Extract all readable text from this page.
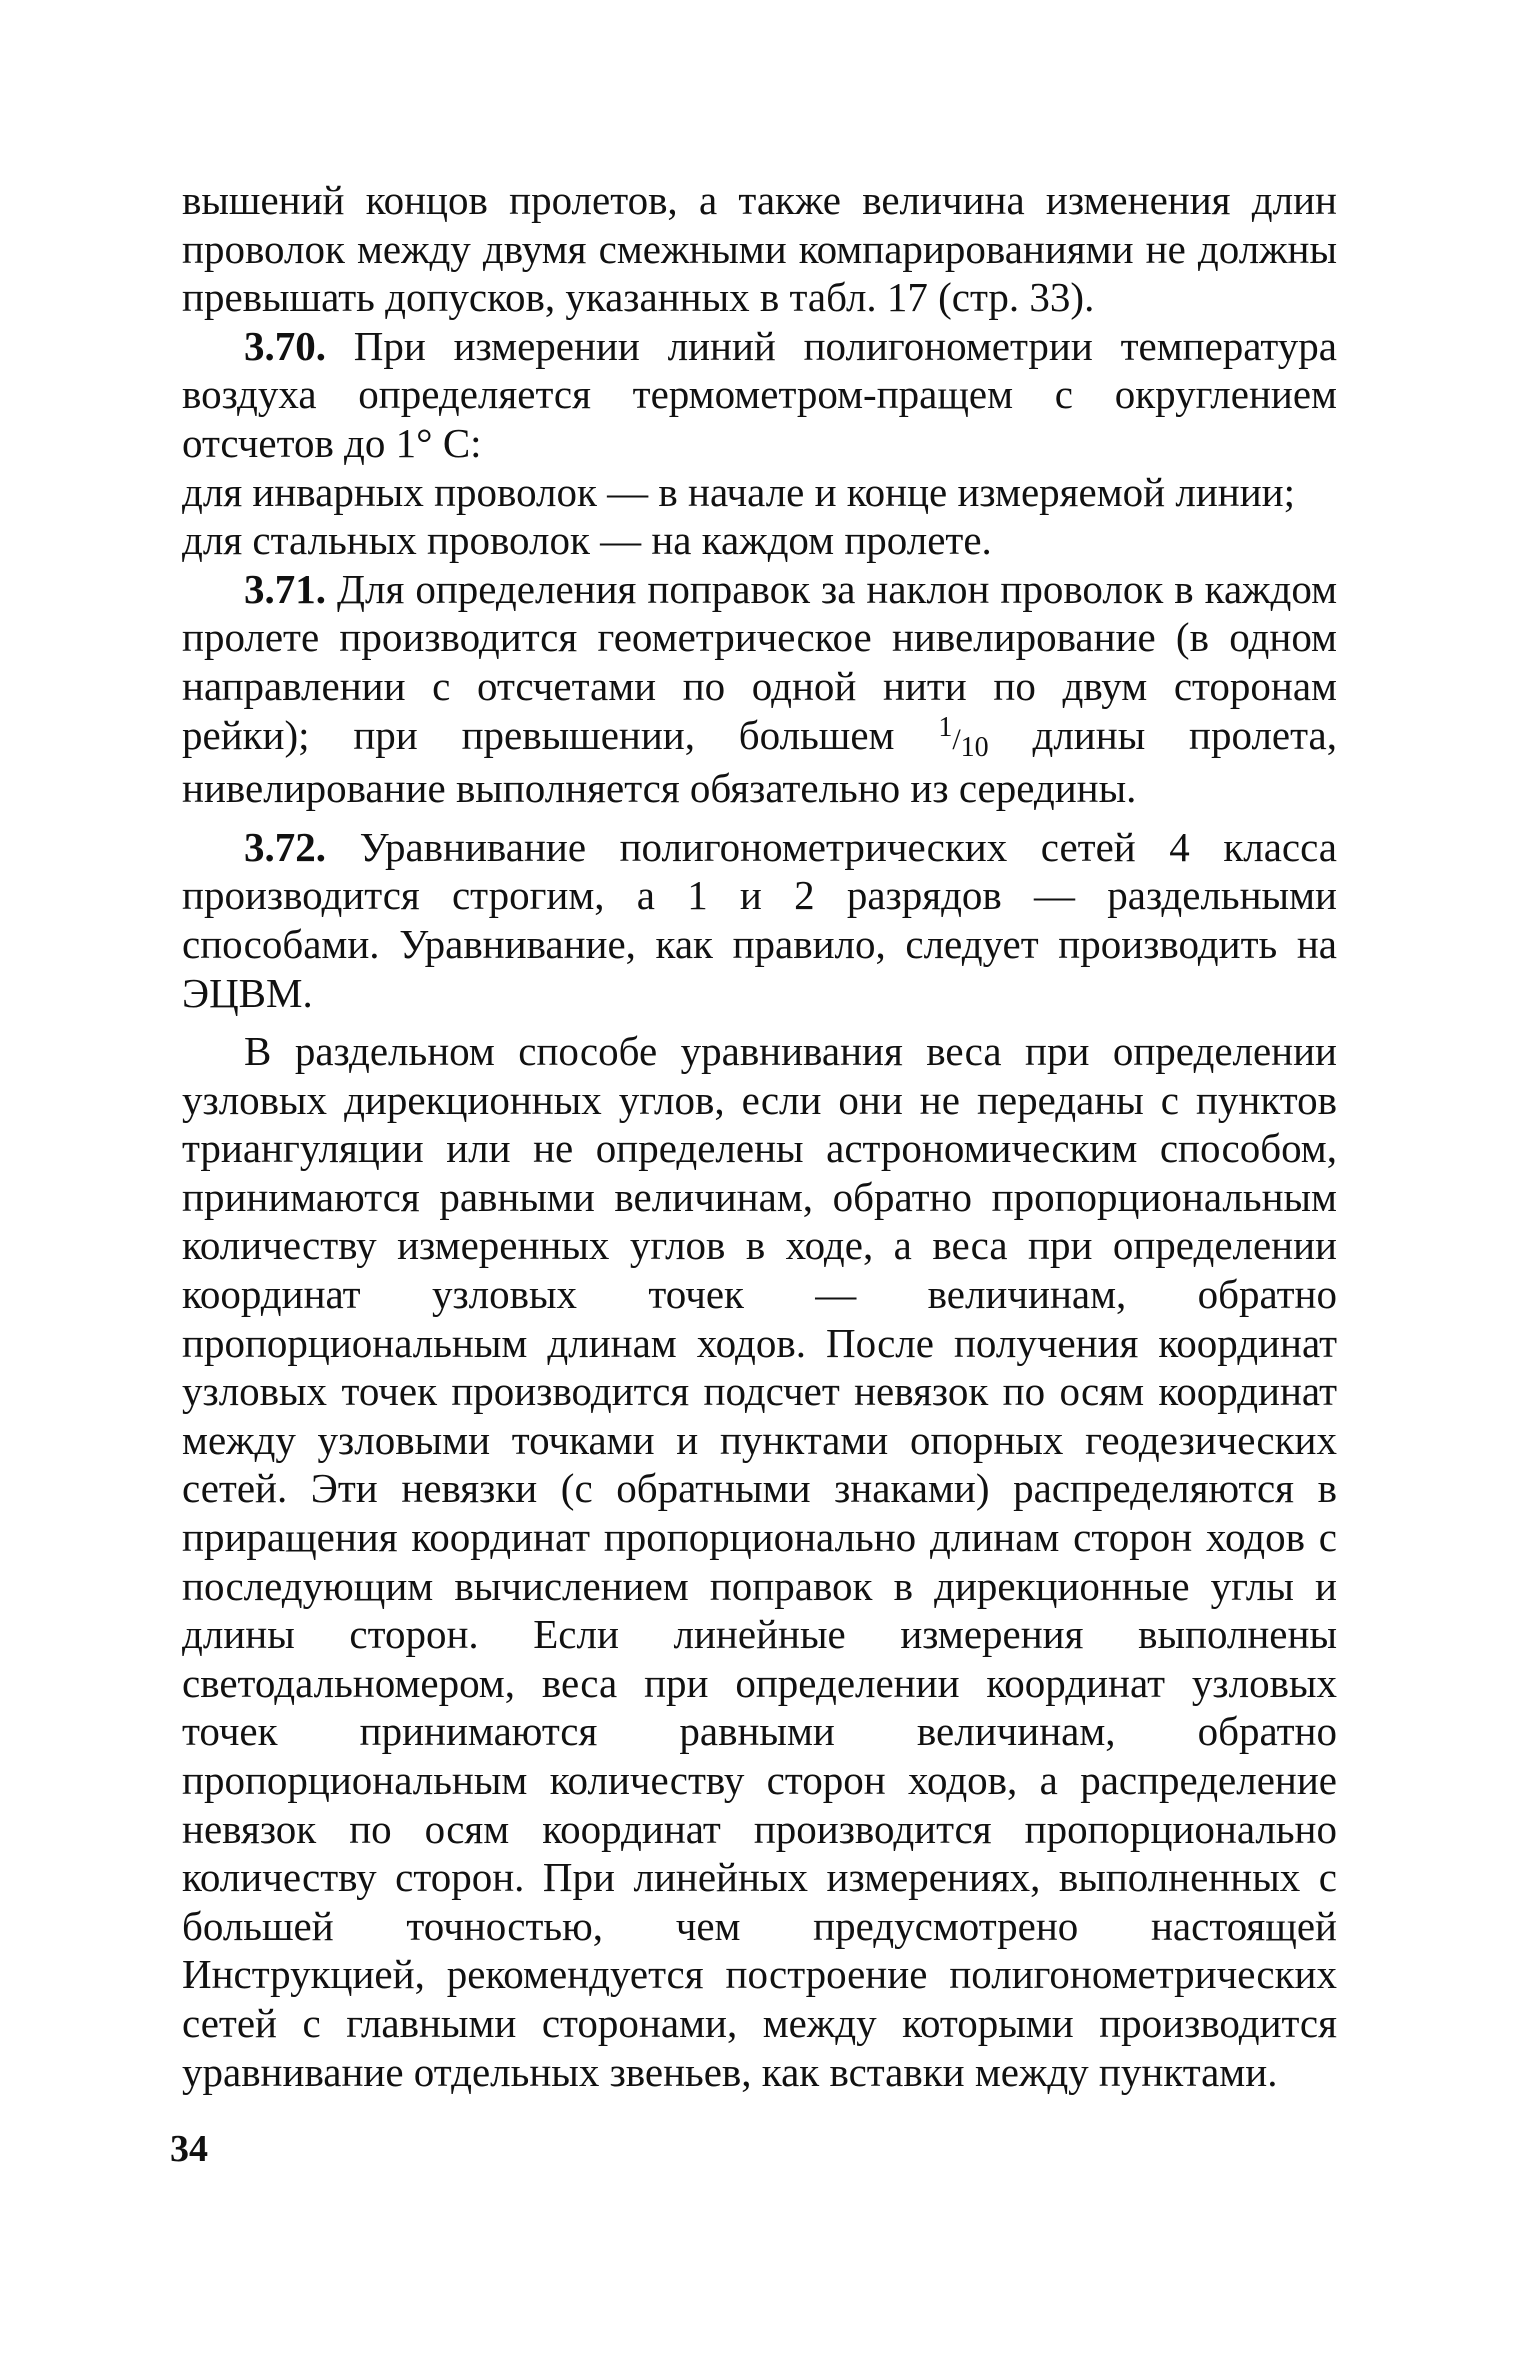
вышений концов пролетов, а также величина изменения длин проволок между двумя смежными компарированиями не должны превышать допусков, указанных в табл. 17 (стр. 33).

3.70. При измерении линий полигонометрии температура воздуха определяется термометром-пращем с округлением отсчетов до 1° С:

для инварных проволок — в начале и конце измеряемой линии;

для стальных проволок — на каждом пролете.

3.71. Для определения поправок за наклон проволок в каждом пролете производится геометрическое нивелирование (в одном направлении с отсчетами по одной нити по двум сторонам рейки); при превышении, большем $^1/_{10}$ длины пролета, нивелирование выполняется обязательно из середины.

3.72. Уравнивание полигонометрических сетей 4 класса производится строгим, а 1 и 2 разрядов — раздельными способами. Уравнивание, как правило, следует производить на ЭЦВМ.

В раздельном способе уравнивания веса при определении узловых дирекционных углов, если они не переданы с пунктов триангуляции или не определены астрономическим способом, принимаются равными величинам, обратно пропорциональным количеству измеренных углов в ходе, а веса при определении координат узловых точек — величинам, обратно пропорциональным длинам ходов. После получения координат узловых точек производится подсчет невязок по осям координат между узловыми точками и пунктами опорных геодезических сетей. Эти невязки (с обратными знаками) распределяются в приращения координат пропорционально длинам сторон ходов с последующим вычислением поправок в дирекционные углы и длины сторон. Если линейные измерения выполнены светодальномером, веса при определении координат узловых точек принимаются равными величинам, обратно пропорциональным количеству сторон ходов, а распределение невязок по осям координат производится пропорционально количеству сторон. При линейных измерениях, выполненных с большей точностью, чем предусмотрено настоящей Инструкцией, рекомендуется построение полигонометрических сетей с главными сторонами, между которыми производится уравнивание отдельных звеньев, как вставки между пунктами.

34
